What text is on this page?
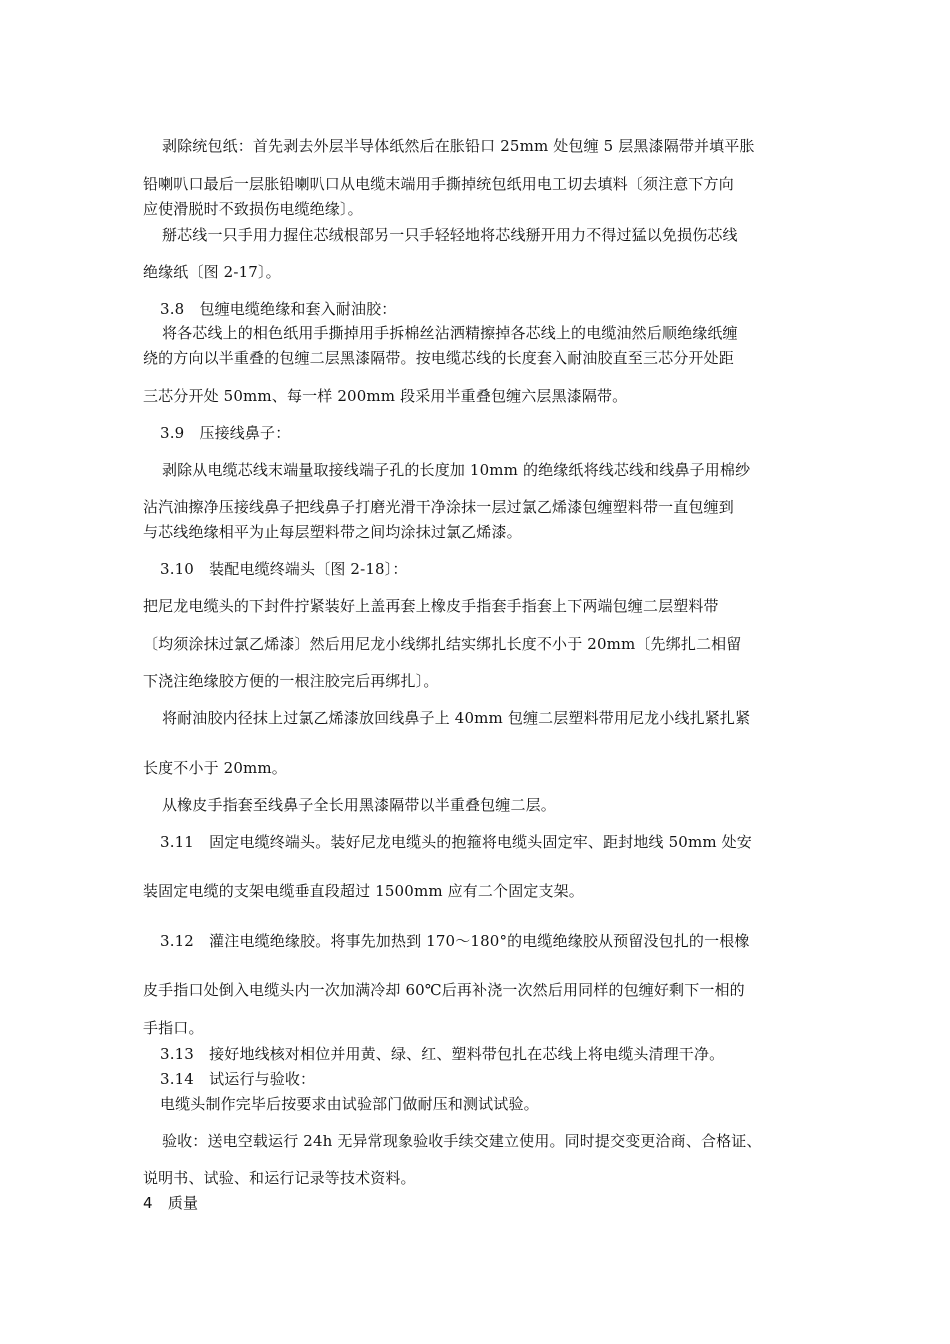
剥除统包纸：首先剥去外层半导体纸然后在胀铅口 25mm 处包缠 5 层黑漆隔带并填平胀
铅喇叭口最后一层胀铅喇叭口从电缆末端用手撕掉统包纸用电工切去填料〔须注意下方向
应使滑脱时不致损伤电缆绝缘〕。
掰芯线一只手用力握住芯绒根部另一只手轻轻地将芯线掰开用力不得过猛以免损伤芯线
绝缘纸〔图 2-17〕。
3.8　包缠电缆绝缘和套入耐油胶：
将各芯线上的相色纸用手撕掉用手拆棉丝沾洒精擦掉各芯线上的电缆油然后顺绝缘纸缠
绕的方向以半重叠的包缠二层黑漆隔带。按电缆芯线的长度套入耐油胶直至三芯分开处距
三芯分开处 50mm、每一样 200mm 段采用半重叠包缠六层黑漆隔带。
3.9　压接线鼻子：
剥除从电缆芯线末端量取接线端子孔的长度加 10mm 的绝缘纸将线芯线和线鼻子用棉纱
沾汽油擦净压接线鼻子把线鼻子打磨光滑干净涂抹一层过氯乙烯漆包缠塑料带一直包缠到
与芯线绝缘相平为止每层塑料带之间均涂抹过氯乙烯漆。
3.10　装配电缆终端头〔图 2-18〕：
把尼龙电缆头的下封件拧紧装好上盖再套上橡皮手指套手指套上下两端包缠二层塑料带
〔均须涂抹过氯乙烯漆〕然后用尼龙小线绑扎结实绑扎长度不小于 20mm〔先绑扎二相留
下浇注绝缘胶方便的一根注胶完后再绑扎〕。
将耐油胶内径抹上过氯乙烯漆放回线鼻子上 40mm 包缠二层塑料带用尼龙小线扎紧扎紧
长度不小于 20mm。
从橡皮手指套至线鼻子全长用黑漆隔带以半重叠包缠二层。
3.11　固定电缆终端头。装好尼龙电缆头的抱箍将电缆头固定牢、距封地线 50mm 处安
装固定电缆的支架电缆垂直段超过 1500mm 应有二个固定支架。
3.12　灌注电缆绝缘胶。将事先加热到 170～180°的电缆绝缘胶从预留没包扎的一根橡
皮手指口处倒入电缆头内一次加满冷却 60℃后再补浇一次然后用同样的包缠好剩下一相的
手指口。
3.13　接好地线核对相位并用黄、绿、红、塑料带包扎在芯线上将电缆头清理干净。
3.14　试运行与验收：
电缆头制作完毕后按要求由试验部门做耐压和测试试验。
验收：送电空载运行 24h 无异常现象验收手续交建立使用。同时提交变更洽商、合格证、
说明书、试验、和运行记录等技术资料。
4　质量
